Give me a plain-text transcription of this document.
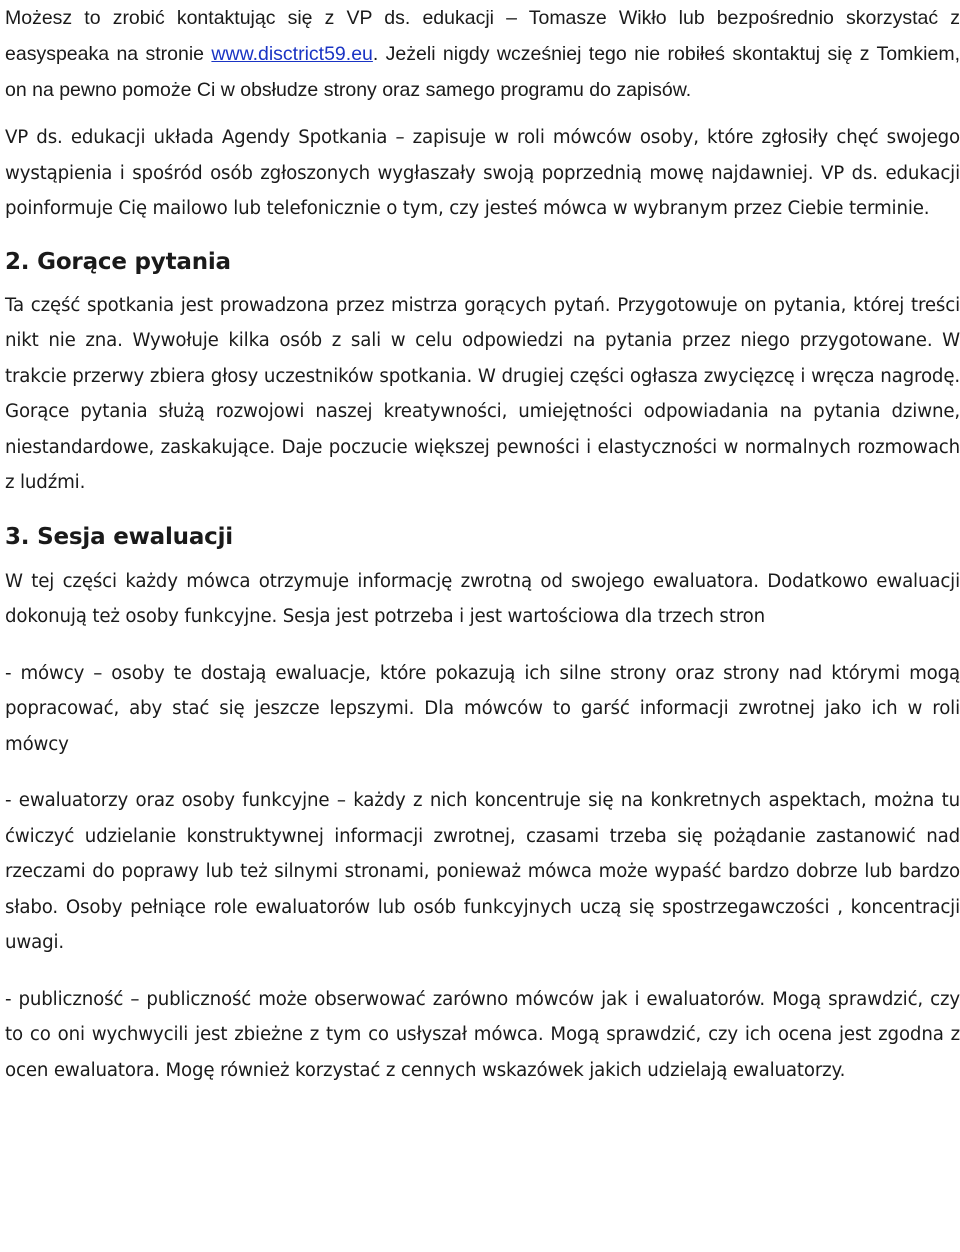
Możesz to zrobić kontaktując się z VP ds. edukacji – Tomasze Wikło lub bezpośrednio skorzystać z easyspeaka na stronie www.disctrict59.eu. Jeżeli nigdy wcześniej tego nie robiłeś skontaktuj się z Tomkiem, on na pewno pomoże Ci w obsłudze strony oraz samego programu do zapisów.

VP ds. edukacji układa Agendy Spotkania – zapisuje w roli mówców osoby, które zgłosiły chęć swojego wystąpienia i spośród osób zgłoszonych wygłaszały swoją poprzednią mowę najdawniej. VP ds. edukacji poinformuje Cię mailowo lub telefonicznie o tym, czy jesteś mówca w wybranym przez Ciebie terminie.

2. Gorące pytania

Ta część spotkania jest prowadzona przez mistrza gorących pytań. Przygotowuje on pytania, której treści nikt nie zna. Wywołuje kilka osób z sali w celu odpowiedzi na pytania przez niego przygotowane. W trakcie przerwy zbiera głosy uczestników spotkania. W drugiej części ogłasza zwycięzcę i wręcza nagrodę. Gorące pytania służą rozwojowi naszej kreatywności, umiejętności odpowiadania na pytania dziwne, niestandardowe, zaskakujące. Daje poczucie większej pewności i elastyczności w normalnych rozmowach z ludźmi.

3. Sesja ewaluacji

W tej części każdy mówca otrzymuje informację zwrotną od swojego ewaluatora. Dodatkowo ewaluacji dokonują też osoby funkcyjne. Sesja jest potrzeba i jest wartościowa dla trzech stron

- mówcy – osoby te dostają ewaluacje, które pokazują ich silne strony oraz strony nad którymi mogą popracować, aby stać się jeszcze lepszymi. Dla mówców to garść informacji zwrotnej jako ich w roli mówcy

- ewaluatorzy oraz osoby funkcyjne – każdy z nich koncentruje się na konkretnych aspektach, można tu ćwiczyć udzielanie konstruktywnej informacji zwrotnej, czasami trzeba się pożądanie zastanowić nad rzeczami do poprawy lub też silnymi stronami, ponieważ mówca może wypaść bardzo dobrze lub bardzo słabo. Osoby pełniące role ewaluatorów lub osób funkcyjnych uczą się spostrzegawczości , koncentracji uwagi.

- publiczność – publiczność może obserwować zarówno mówców jak i ewaluatorów. Mogą sprawdzić, czy to co oni wychwycili jest zbieżne z tym co usłyszał mówca. Mogą sprawdzić, czy ich ocena jest zgodna z ocen ewaluatora. Mogę również korzystać z cennych wskazówek jakich udzielają ewaluatorzy.
